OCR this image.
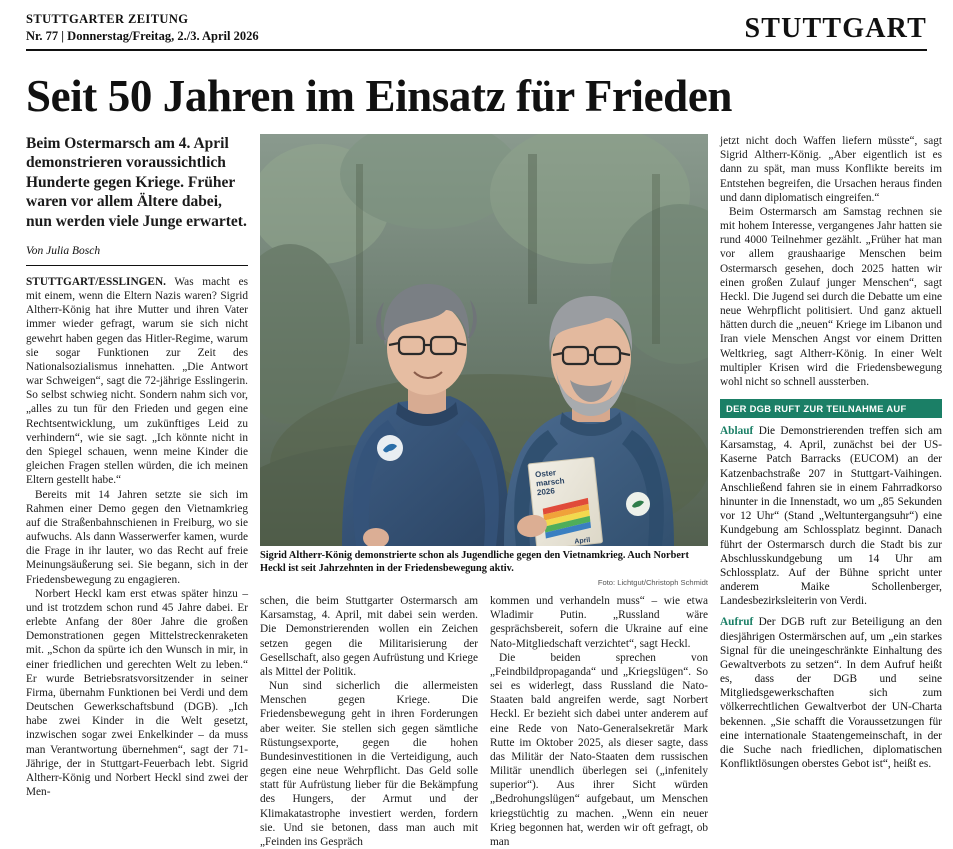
STUTTGARTER ZEITUNG
Nr. 77 | Donnerstag/Freitag, 2./3. April 2026	STUTTGART
Seit 50 Jahren im Einsatz für Frieden
Beim Ostermarsch am 4. April demonstrieren voraussichtlich Hunderte gegen Kriege. Früher waren vor allem Ältere dabei, nun werden viele Junge erwartet.
Von Julia Bosch

STUTTGART/ESSLINGEN. Was macht es mit einem, wenn die Eltern Nazis waren? Sigrid Altherr-König hat ihre Mutter und ihren Vater immer wieder gefragt, warum sie sich nicht gewehrt haben gegen das Hitler-Regime, warum sie sogar Funktionen zur Zeit des Nationalsozialismus innehatten. „Die Antwort war Schweigen“, sagt die 72-jährige Esslingerin. So selbst schwieg nicht. Sondern nahm sich vor, „alles zu tun für den Frieden und gegen eine Rechtsentwicklung, um zukünftiges Leid zu verhindern“, wie sie sagt. „Ich könnte nicht in den Spiegel schauen, wenn meine Kinder die gleichen Fragen stellen würden, die ich meinen Eltern gestellt habe.“

Bereits mit 14 Jahren setzte sie sich im Rahmen einer Demo gegen den Vietnamkrieg auf die Straßenbahnschienen in Freiburg, wo sie aufwuchs. Als dann Wasserwerfer kamen, wurde die Frage in ihr lauter, wo das Recht auf freie Meinungsäußerung sei. Sie begann, sich in der Friedensbewegung zu engagieren.

Norbert Heckl kam erst etwas später hinzu – und ist trotzdem schon rund 45 Jahre dabei. Er erlebte Anfang der 80er Jahre die großen Demonstrationen gegen Mittelstreckenraketen mit. „Schon da spürte ich den Wunsch in mir, in einer friedlichen und gerechten Welt zu leben.“ Er wurde Betriebsratsvorsitzender in seiner Firma, übernahm Funktionen bei Verdi und dem Deutschen Gewerkschaftsbund (DGB). „Ich habe zwei Kinder in die Welt gesetzt, inzwischen sogar zwei Enkelkinder – da muss man Verantwortung übernehmen“, sagt der 71-Jährige, der in Stuttgart-Feuerbach lebt. Sigrid Altherr-König und Norbert Heckl sind zwei der Men-

Oster
marsch
2026
April
Sigrid Altherr-König demonstrierte schon als Jugendliche gegen den Vietnamkrieg. Auch Norbert Heckl ist seit Jahrzehnten in der Friedensbewegung aktiv.
Foto: Lichtgut/Christoph Schmidt

schen, die beim Stuttgarter Ostermarsch am Karsamstag, 4. April, mit dabei sein werden. Die Demonstrierenden wollen ein Zeichen setzen gegen die Militarisierung der Gesellschaft, also gegen Aufrüstung und Kriege als Mittel der Politik.

Nun sind sicherlich die allermeisten Menschen gegen Kriege. Die Friedensbewegung geht in ihren Forderungen aber weiter. Sie stellen sich gegen sämtliche Rüstungsexporte, gegen die hohen Bundesinvestitionen in die Verteidigung, auch gegen eine neue Wehrpflicht. Das Geld solle statt für Aufrüstung lieber für die Bekämpfung des Hungers, der Armut und der Klimakatastrophe investiert werden, fordern sie. Und sie betonen, dass man auch mit „Feinden ins Gespräch

kommen und verhandeln muss“ – wie etwa Wladimir Putin. „Russland wäre gesprächsbereit, sofern die Ukraine auf eine Nato-Mitgliedschaft verzichtet“, sagt Heckl.

Die beiden sprechen von „Feindbildpropaganda“ und „Kriegslügen“. So sei es widerlegt, dass Russland die Nato-Staaten bald angreifen werde, sagt Norbert Heckl. Er bezieht sich dabei unter anderem auf eine Rede von Nato-Generalsekretär Mark Rutte im Oktober 2025, als dieser sagte, dass das Militär der Nato-Staaten dem russischen Militär unendlich überlegen sei („infenitely superior“). Aus ihrer Sicht würden „Bedrohungslügen“ aufgebaut, um Menschen kriegstüchtig zu machen. „Wenn ein neuer Krieg begonnen hat, werden wir oft gefragt, ob man

jetzt nicht doch Waffen liefern müsste“, sagt Sigrid Altherr-König. „Aber eigentlich ist es dann zu spät, man muss Konflikte bereits im Entstehen begreifen, die Ursachen heraus finden und dann diplomatisch eingreifen.“

Beim Ostermarsch am Samstag rechnen sie mit hohem Interesse, vergangenes Jahr hatten sie rund 4000 Teilnehmer gezählt. „Früher hat man vor allem graushaarige Menschen beim Ostermarsch gesehen, doch 2025 hatten wir einen großen Zulauf junger Menschen“, sagt Heckl. Die Jugend sei durch die Debatte um eine neue Wehrpflicht politisiert. Und ganz aktuell hätten durch die „neuen“ Kriege im Libanon und Iran viele Menschen Angst vor einem Dritten Weltkrieg, sagt Altherr-König. In einer Welt multipler Krisen wird die Friedensbewegung wohl nicht so schnell aussterben.

DER DGB RUFT ZUR TEILNAHME AUF

Ablauf Die Demonstrierenden treffen sich am Karsamstag, 4. April, zunächst bei der US-Kaserne Patch Barracks (EUCOM) an der Katzenbachstraße 207 in Stuttgart-Vaihingen. Anschließend fahren sie in einem Fahrradkorso hinunter in die Innenstadt, wo um „85 Sekunden vor 12 Uhr“ (Stand „Weltuntergangsuhr“) eine Kundgebung am Schlossplatz beginnt. Danach führt der Ostermarsch durch die Stadt bis zur Abschlusskundgebung um 14 Uhr am Schlossplatz. Auf der Bühne spricht unter anderem Maike Schollenberger, Landesbezirksleiterin von Verdi.

Aufruf Der DGB ruft zur Beteiligung an den diesjährigen Ostermärschen auf, um „ein starkes Signal für die uneingeschränkte Einhaltung des Gewaltverbots zu setzen“. In dem Aufruf heißt es, dass der DGB und seine Mitgliedsgewerkschaften sich zum völkerrechtlichen Gewaltverbot der UN-Charta bekennen. „Sie schafft die Voraussetzungen für eine internationale Staatengemeinschaft, in der die Suche nach friedlichen, diplomatischen Konfliktlösungen oberstes Gebot ist“, heißt es.
